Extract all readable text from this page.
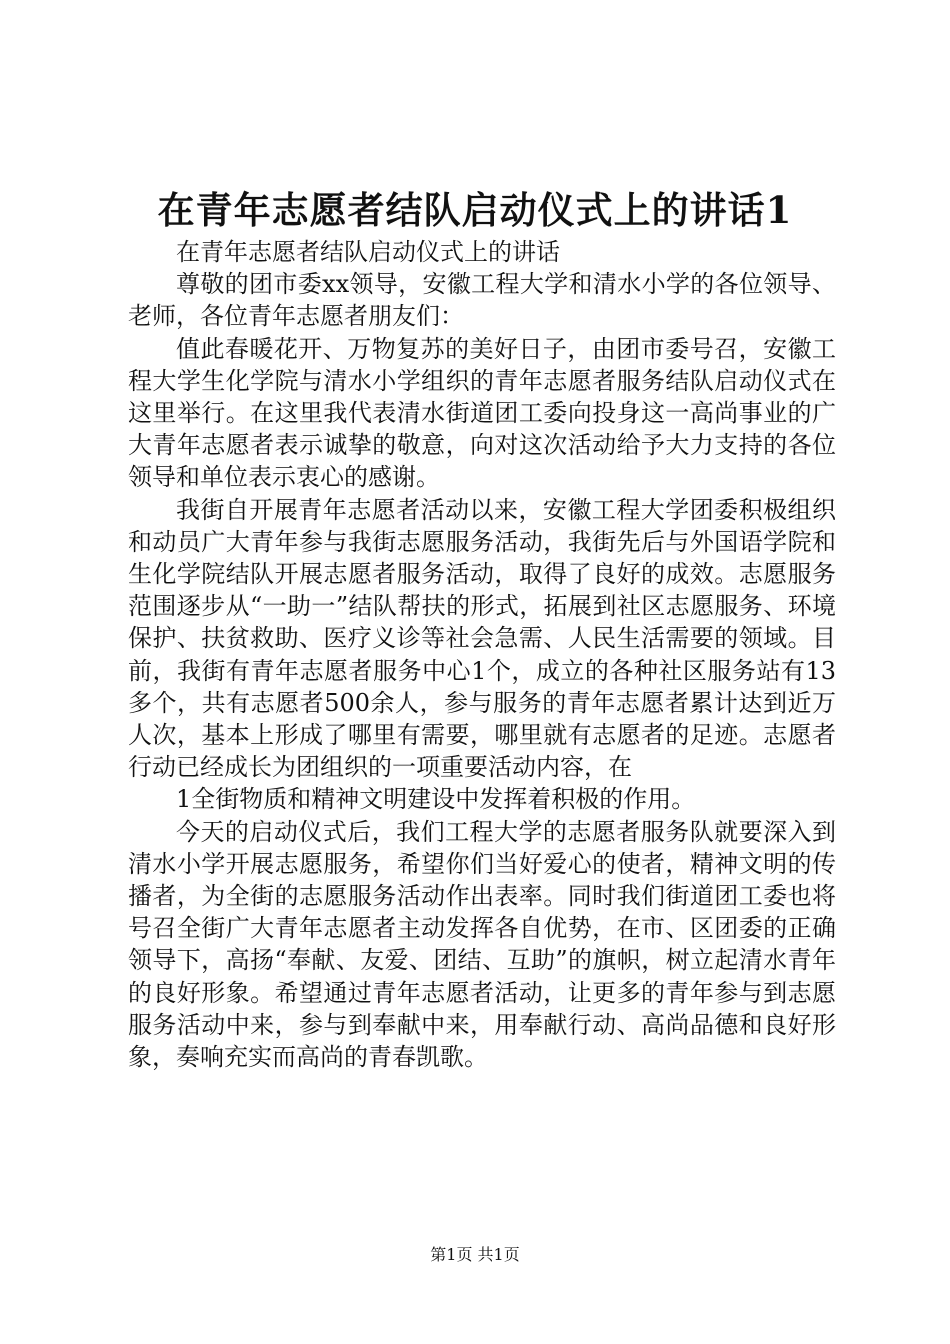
在青年志愿者结队启动仪式上的讲话1

在青年志愿者结队启动仪式上的讲话

尊敬的团市委xx领导，安徽工程大学和清水小学的各位领导、老师，各位青年志愿者朋友们：

值此春暖花开、万物复苏的美好日子，由团市委号召，安徽工程大学生化学院与清水小学组织的青年志愿者服务结队启动仪式在这里举行。在这里我代表清水街道团工委向投身这一高尚事业的广大青年志愿者表示诚挚的敬意，向对这次活动给予大力支持的各位领导和单位表示衷心的感谢。

我街自开展青年志愿者活动以来，安徽工程大学团委积极组织和动员广大青年参与我街志愿服务活动，我街先后与外国语学院和生化学院结队开展志愿者服务活动，取得了良好的成效。志愿服务范围逐步从“一助一”结队帮扶的形式，拓展到社区志愿服务、环境保护、扶贫救助、医疗义诊等社会急需、人民生活需要的领域。目前，我街有青年志愿者服务中心1个，成立的各种社区服务站有13多个，共有志愿者500余人，参与服务的青年志愿者累计达到近万人次，基本上形成了哪里有需要，哪里就有志愿者的足迹。志愿者行动已经成长为团组织的一项重要活动内容，在

1全街物质和精神文明建设中发挥着积极的作用。

今天的启动仪式后，我们工程大学的志愿者服务队就要深入到清水小学开展志愿服务，希望你们当好爱心的使者，精神文明的传播者，为全街的志愿服务活动作出表率。同时我们街道团工委也将号召全街广大青年志愿者主动发挥各自优势，在市、区团委的正确领导下，高扬“奉献、友爱、团结、互助”的旗帜，树立起清水青年的良好形象。希望通过青年志愿者活动，让更多的青年参与到志愿服务活动中来，参与到奉献中来，用奉献行动、高尚品德和良好形象，奏响充实而高尚的青春凯歌。

第1页 共1页
